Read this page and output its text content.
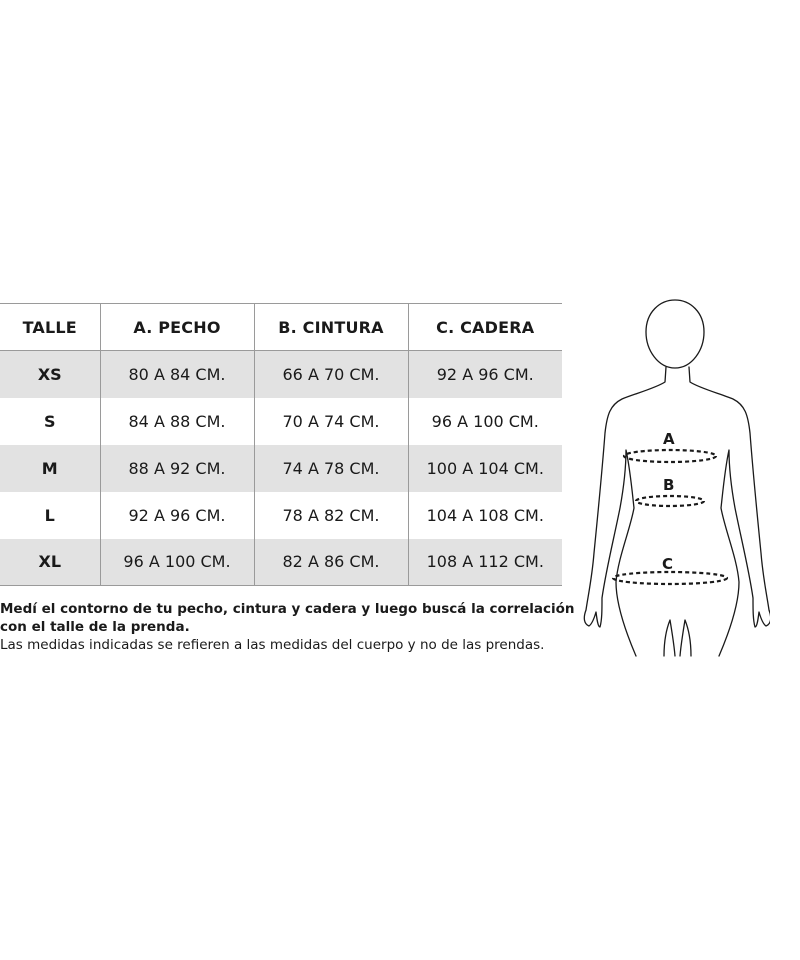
TALLE	A. PECHO	B. CINTURA	C. CADERA
XS	80 A 84 CM.	66 A 70 CM.	92 A 96 CM.
S	84 A 88 CM.	70 A 74 CM.	96 A 100 CM.
M	88 A 92 CM.	74 A 78 CM.	100 A 104 CM.
L	92 A 96 CM.	78 A 82 CM.	104 A 108 CM.
XL	96 A 100 CM.	82 A 86 CM.	108 A 112 CM.

Medí el contorno de tu pecho, cintura y cadera y luego buscá la correlación con el talle de la prenda.

Las medidas indicadas se refieren a las medidas del cuerpo y no de las prendas.

A
B
C
